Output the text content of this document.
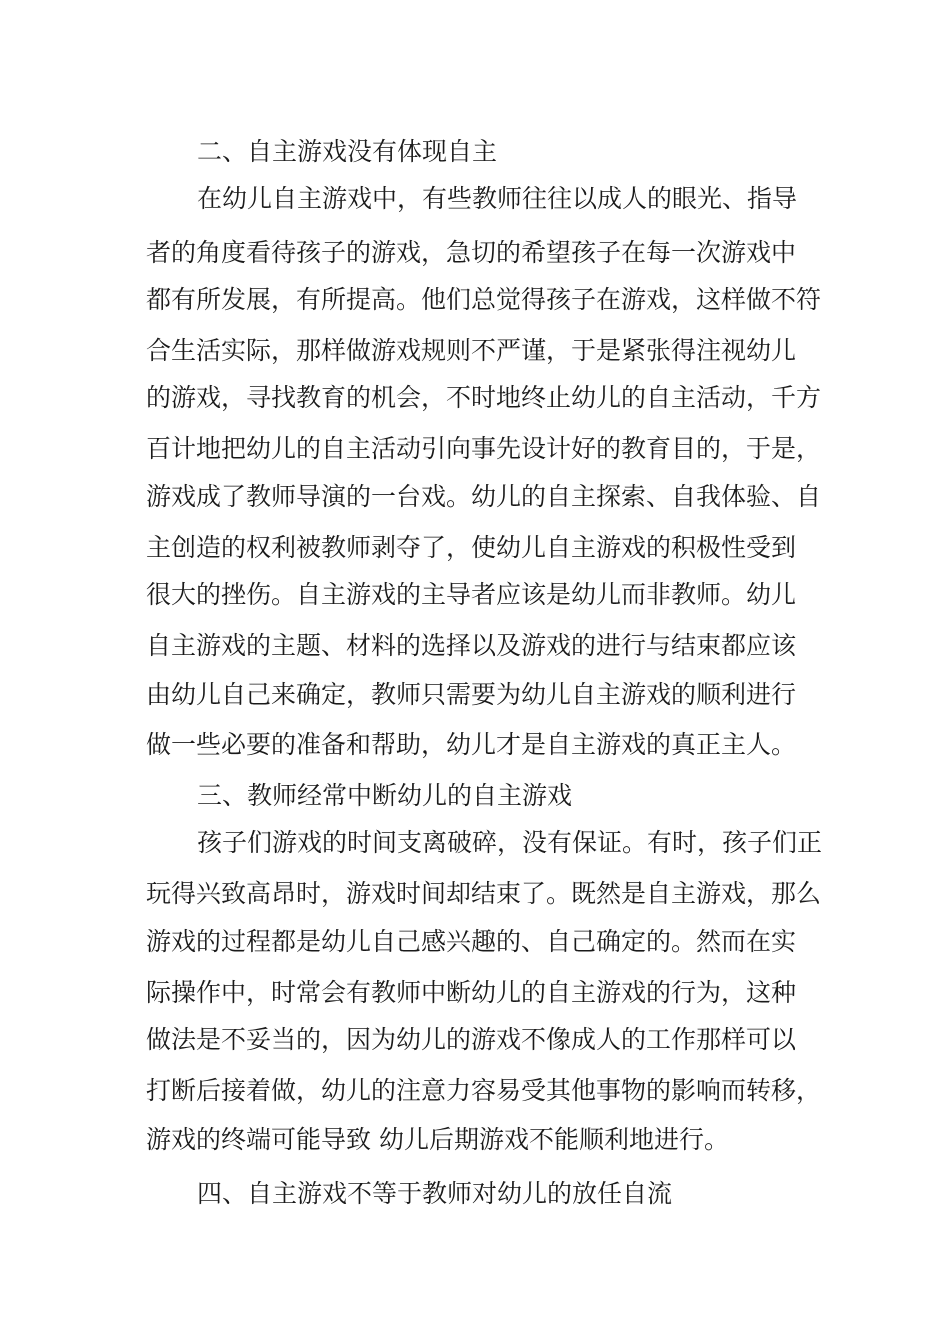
二、自主游戏没有体现自主
在幼儿自主游戏中，有些教师往往以成人的眼光、指导
者的角度看待孩子的游戏，急切的希望孩子在每一次游戏中
都有所发展，有所提高。他们总觉得孩子在游戏，这样做不符
合生活实际，那样做游戏规则不严谨，于是紧张得注视幼儿
的游戏，寻找教育的机会，不时地终止幼儿的自主活动，千方
百计地把幼儿的自主活动引向事先设计好的教育目的，于是，
游戏成了教师导演的一台戏。幼儿的自主探索、自我体验、自
主创造的权利被教师剥夺了，使幼儿自主游戏的积极性受到
很大的挫伤。自主游戏的主导者应该是幼儿而非教师。幼儿
自主游戏的主题、材料的选择以及游戏的进行与结束都应该
由幼儿自己来确定，教师只需要为幼儿自主游戏的顺利进行
做一些必要的准备和帮助，幼儿才是自主游戏的真正主人。
三、教师经常中断幼儿的自主游戏
孩子们游戏的时间支离破碎，没有保证。有时，孩子们正
玩得兴致高昂时，游戏时间却结束了。既然是自主游戏，那么
游戏的过程都是幼儿自己感兴趣的、自己确定的。然而在实
际操作中，时常会有教师中断幼儿的自主游戏的行为，这种
做法是不妥当的，因为幼儿的游戏不像成人的工作那样可以
打断后接着做，幼儿的注意力容易受其他事物的影响而转移，
游戏的终端可能导致 幼儿后期游戏不能顺利地进行。
四、自主游戏不等于教师对幼儿的放任自流
